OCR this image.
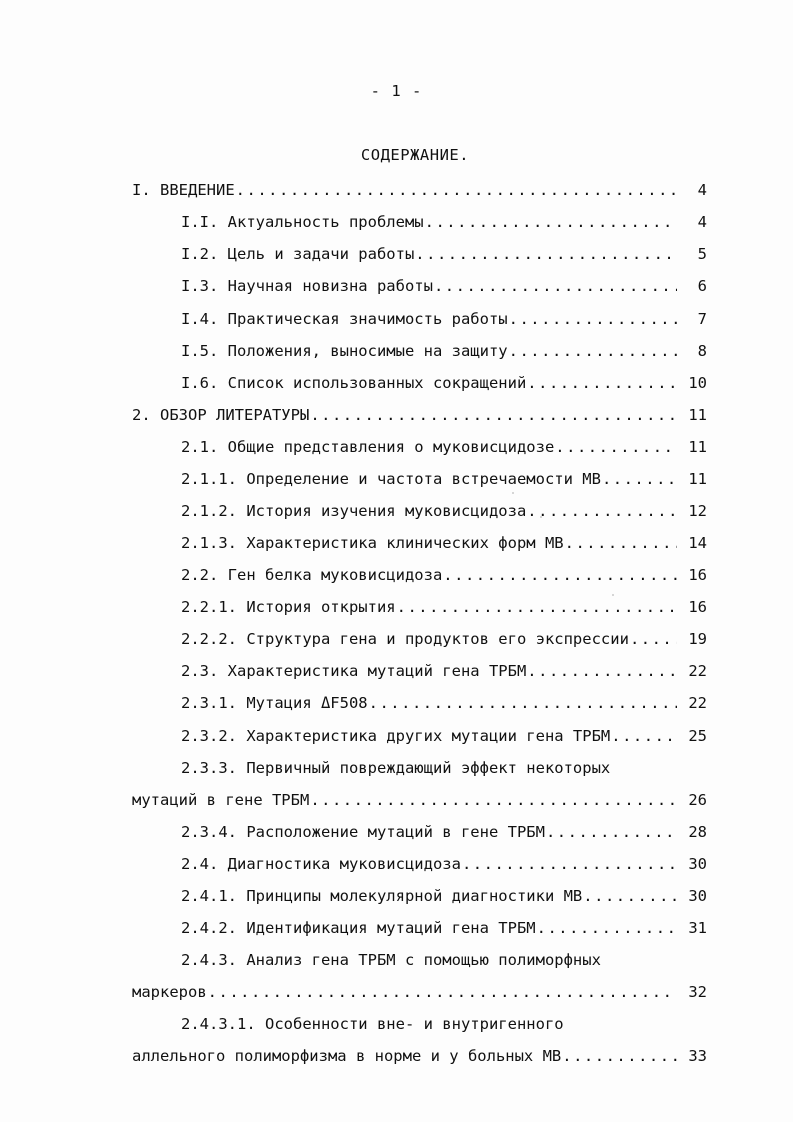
- 1 -
СОДЕРЖАНИЕ.
I. ВВЕДЕНИЕ .....	4
I.I. Актуальность проблемы .....	4
I.2. Цель и задачи работы .....	5
I.3. Научная новизна работы .....	6
I.4. Практическая значимость работы .....	7
I.5. Положения, выносимые на защиту .....	8
I.6. Список использованных сокращений .....	10
2. ОБЗОР ЛИТЕРАТУРЫ .....	11
2.1. Общие представления о муковисцидозе .....	11
2.1.1. Определение и частота встречаемости МВ .....	11
2.1.2. История изучения муковисцидоза .....	12
2.1.3. Характеристика клинических форм МВ .....	14
2.2. Ген белка муковисцидоза .....	16
2.2.1. История открытия .....	16
2.2.2. Структура гена и продуктов его экспрессии .....	19
2.3. Характеристика мутаций гена ТРБМ .....	22
2.3.1. Мутация ΔF508 .....	22
2.3.2. Характеристика других мутации гена ТРБМ .....	25
2.3.3. Первичный повреждающий эффект некоторых
мутаций в гене ТРБМ .....	26
2.3.4. Расположение мутаций в гене ТРБМ .....	28
2.4. Диагностика муковисцидоза .....	30
2.4.1. Принципы молекулярной диагностики МВ .....	30
2.4.2. Идентификация мутаций гена ТРБМ .....	31
2.4.3. Анализ гена ТРБМ с помощью полиморфных
маркеров .....	32
2.4.3.1. Особенности вне- и внутригенного
аллельного полиморфизма в норме и у больных МВ .....	33
